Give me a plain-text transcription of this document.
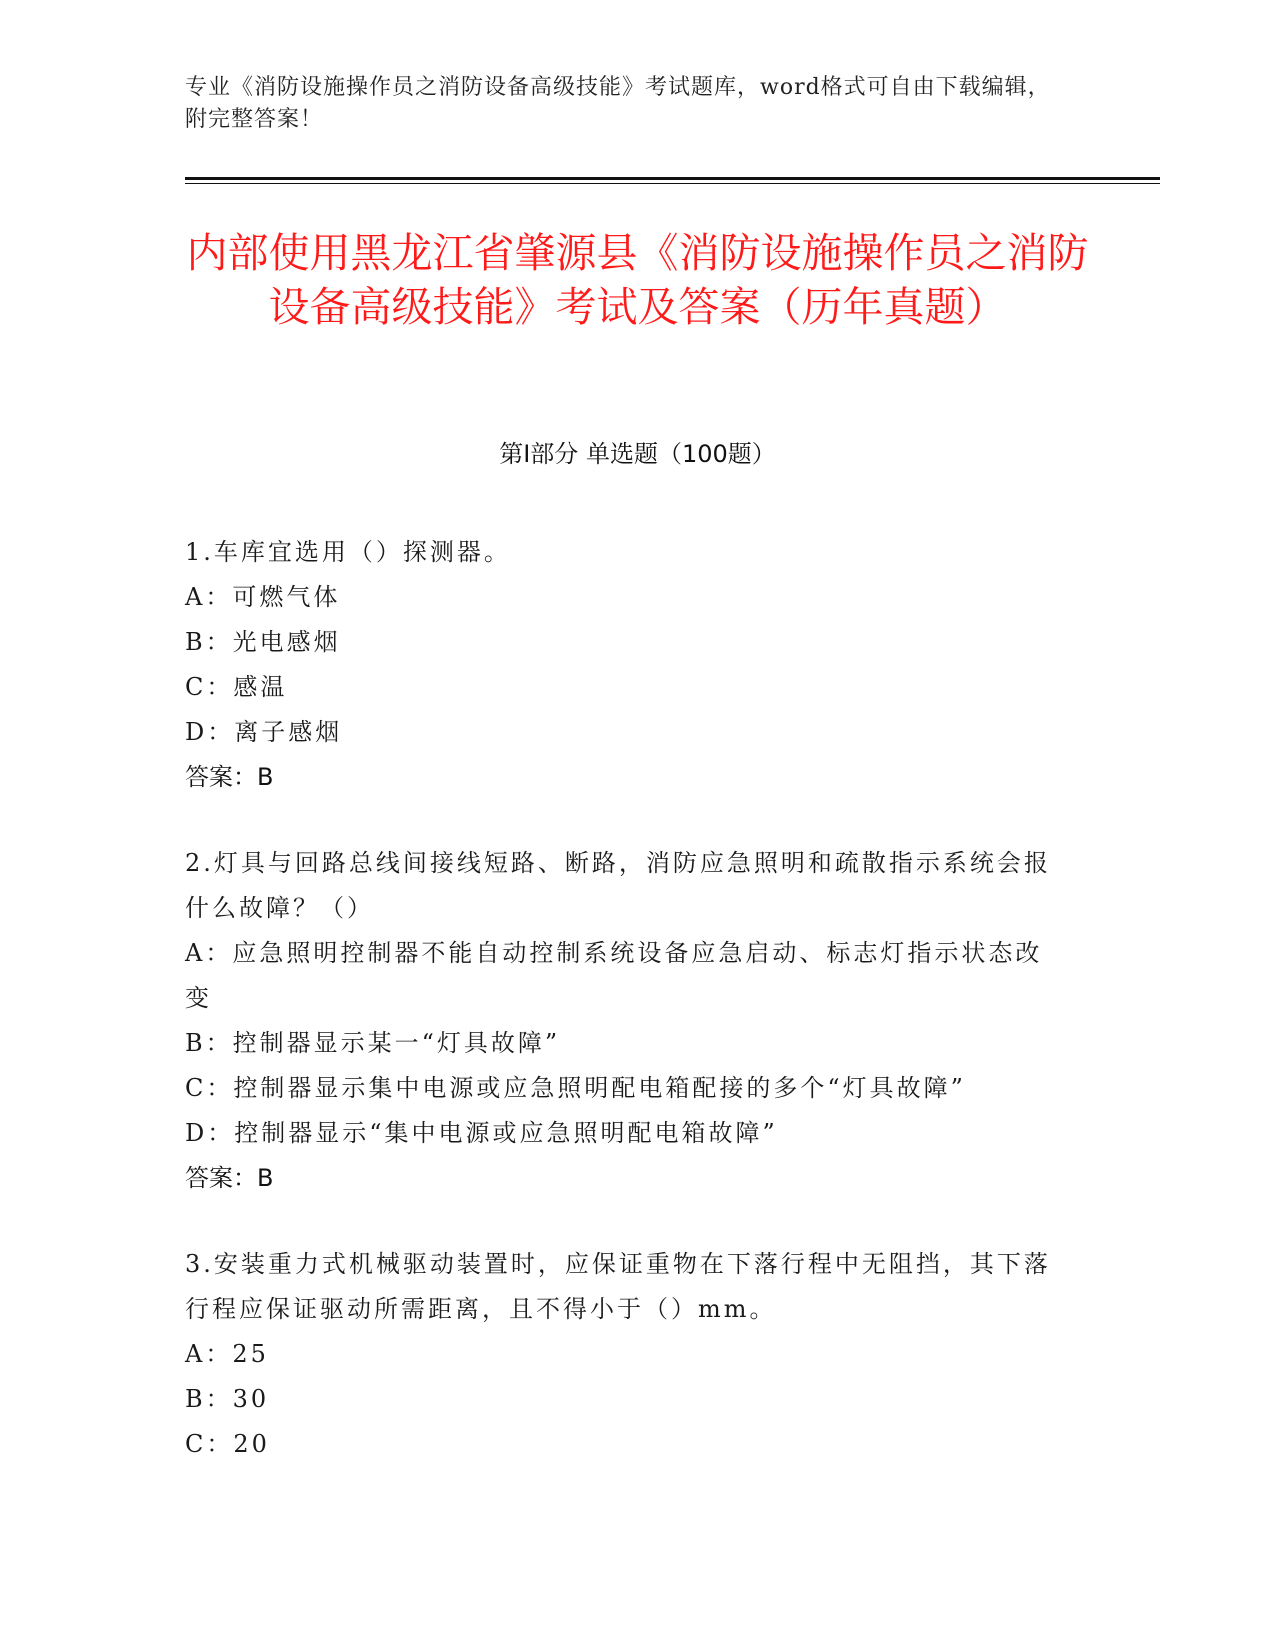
专业《消防设施操作员之消防设备高级技能》考试题库，word格式可自由下载编辑，附完整答案！
内部使用黑龙江省肇源县《消防设施操作员之消防设备高级技能》考试及答案（历年真题）
第I部分 单选题（100题）
1.车库宜选用（）探测器。
A：可燃气体
B：光电感烟
C：感温
D：离子感烟
答案：B
2.灯具与回路总线间接线短路、断路，消防应急照明和疏散指示系统会报什么故障？（）
A：应急照明控制器不能自动控制系统设备应急启动、标志灯指示状态改变
B：控制器显示某一“灯具故障”
C：控制器显示集中电源或应急照明配电箱配接的多个“灯具故障”
D：控制器显示“集中电源或应急照明配电箱故障”
答案：B
3.安装重力式机械驱动装置时，应保证重物在下落行程中无阻挡，其下落行程应保证驱动所需距离，且不得小于（）mm。
A：25
B：30
C：20
